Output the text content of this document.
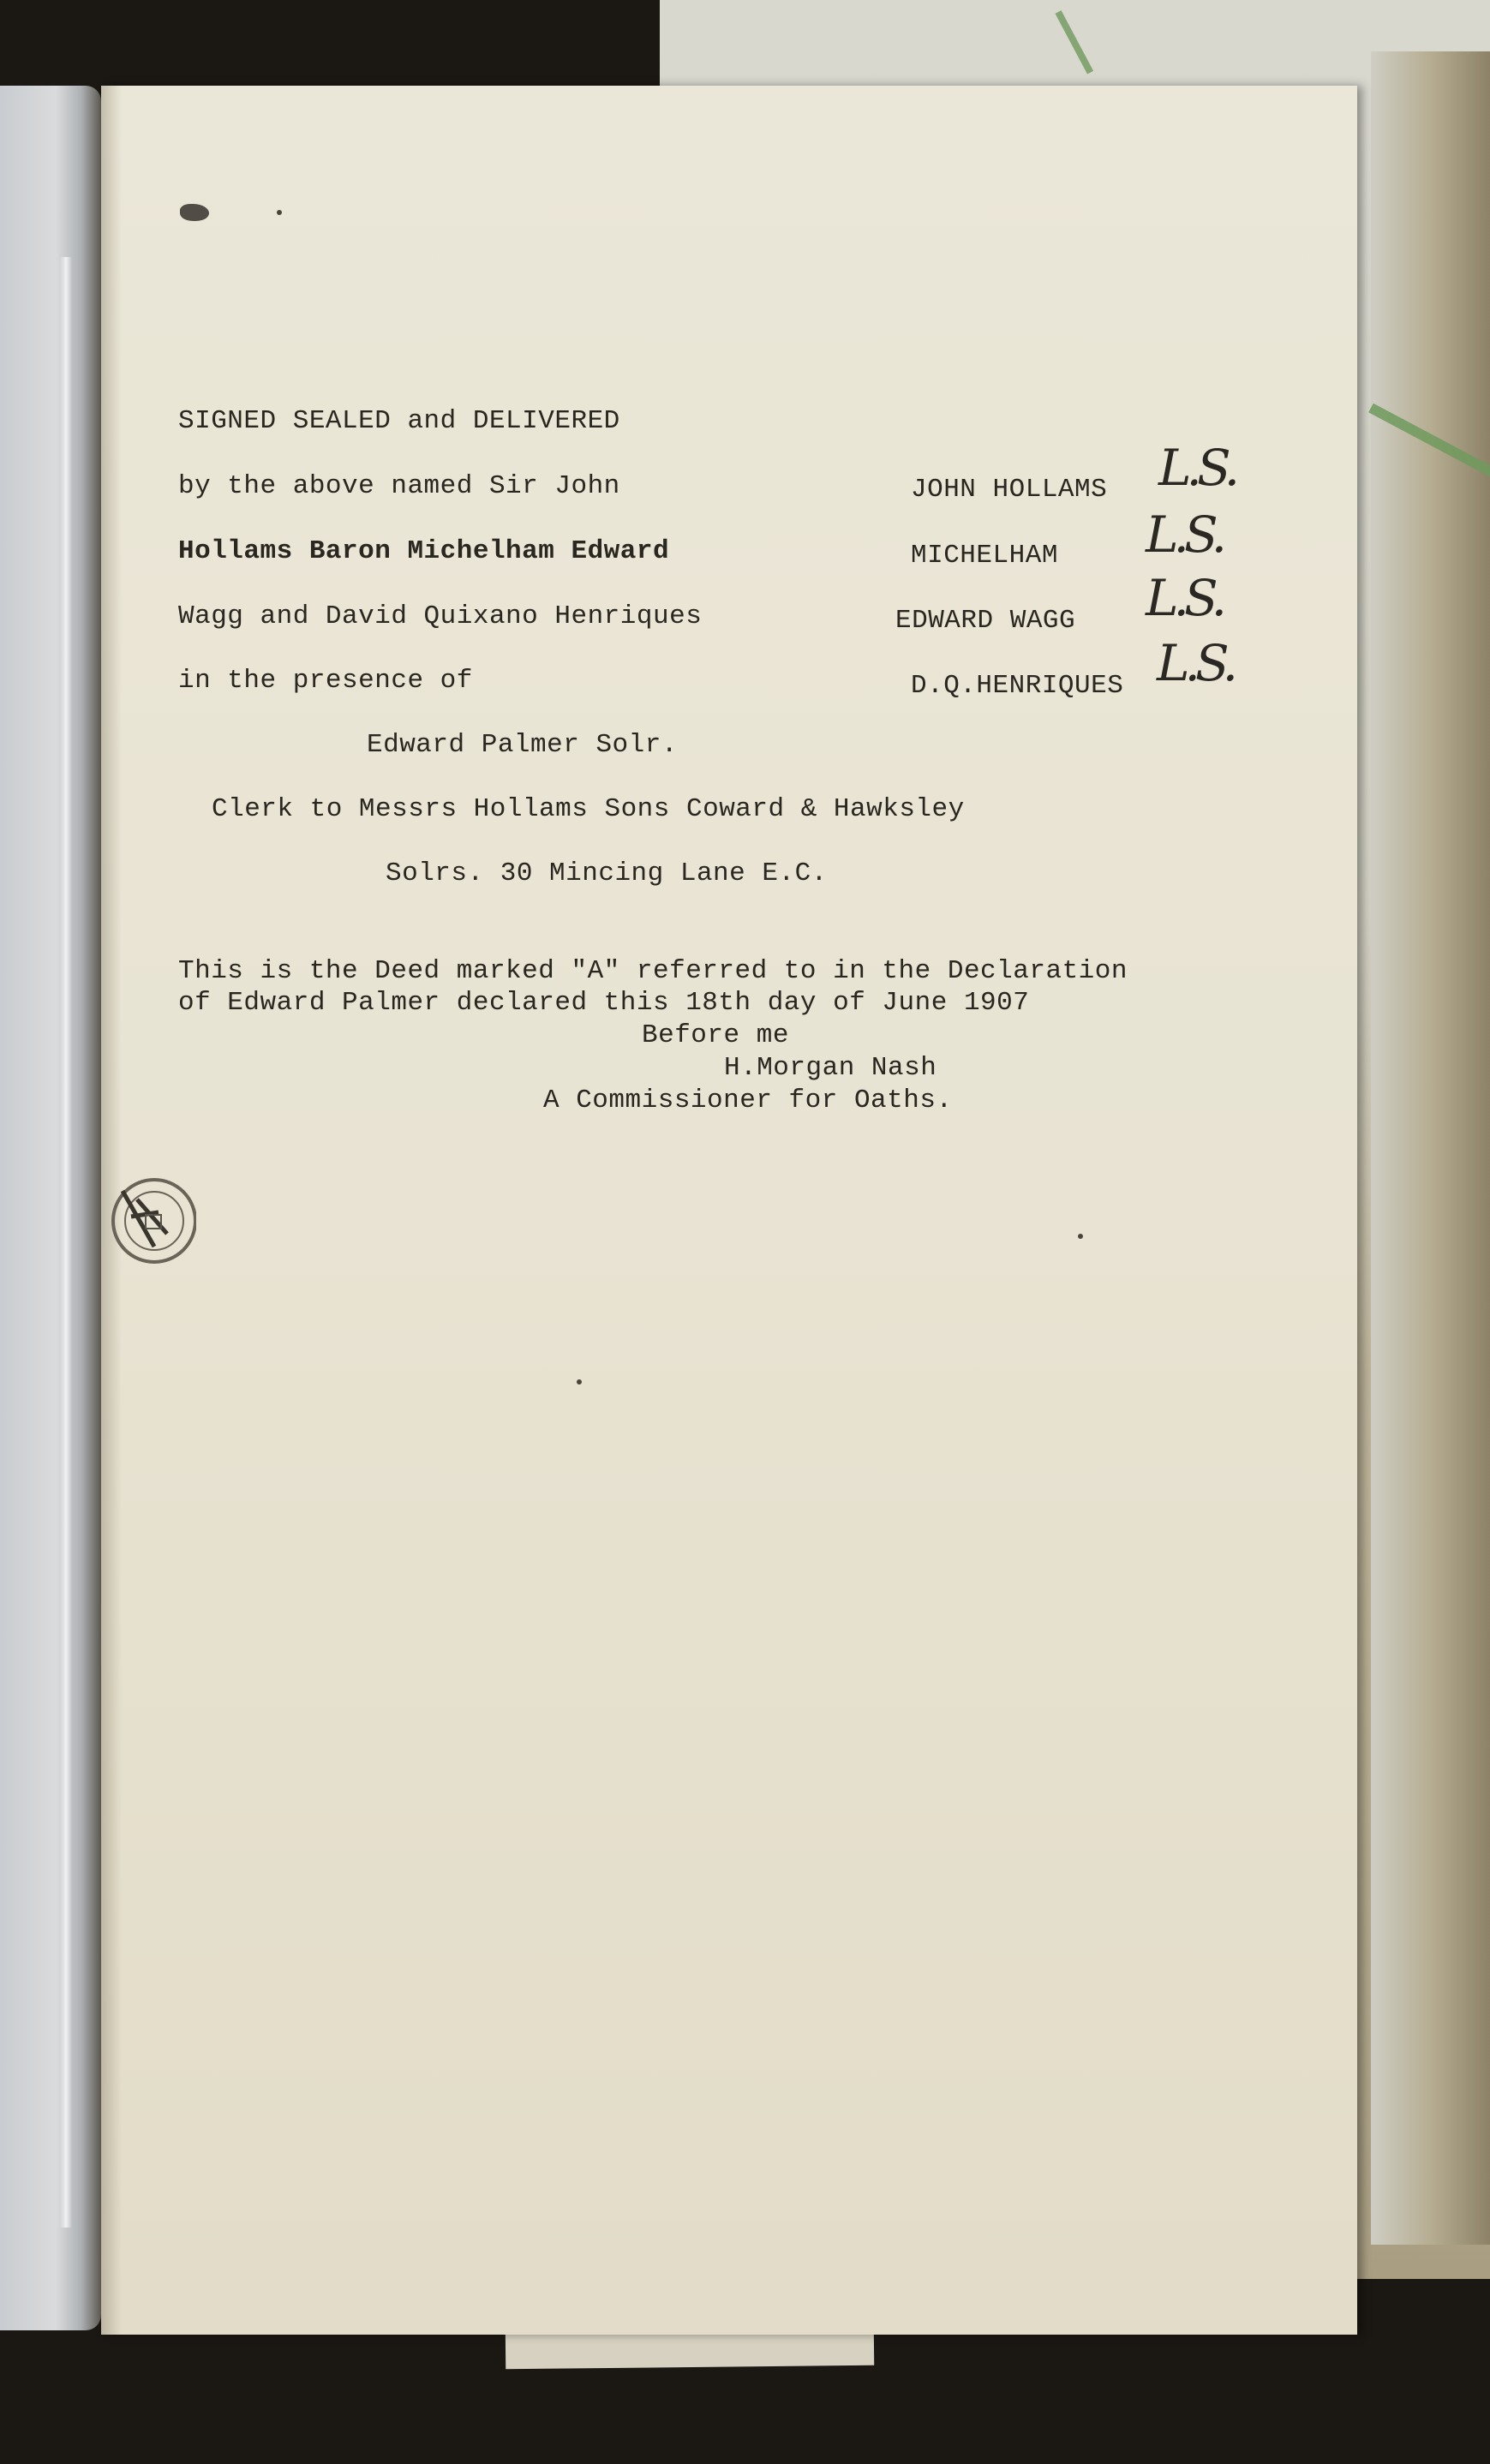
SIGNED SEALED and DELIVERED

by the above named Sir John

Hollams Baron Michelham Edward

Wagg and David Quixano Henriques

in the presence of

JOHN HOLLAMS

MICHELHAM

EDWARD WAGG

D.Q.HENRIQUES

L.S.
L.S.
L.S.
L.S.

Edward Palmer Solr.

Clerk to Messrs Hollams Sons Coward & Hawksley

Solrs. 30 Mincing Lane E.C.

This is the Deed marked "A" referred to in the Declaration

of Edward Palmer declared this 18th day of June 1907

Before me

H.Morgan Nash

A Commissioner for Oaths.
